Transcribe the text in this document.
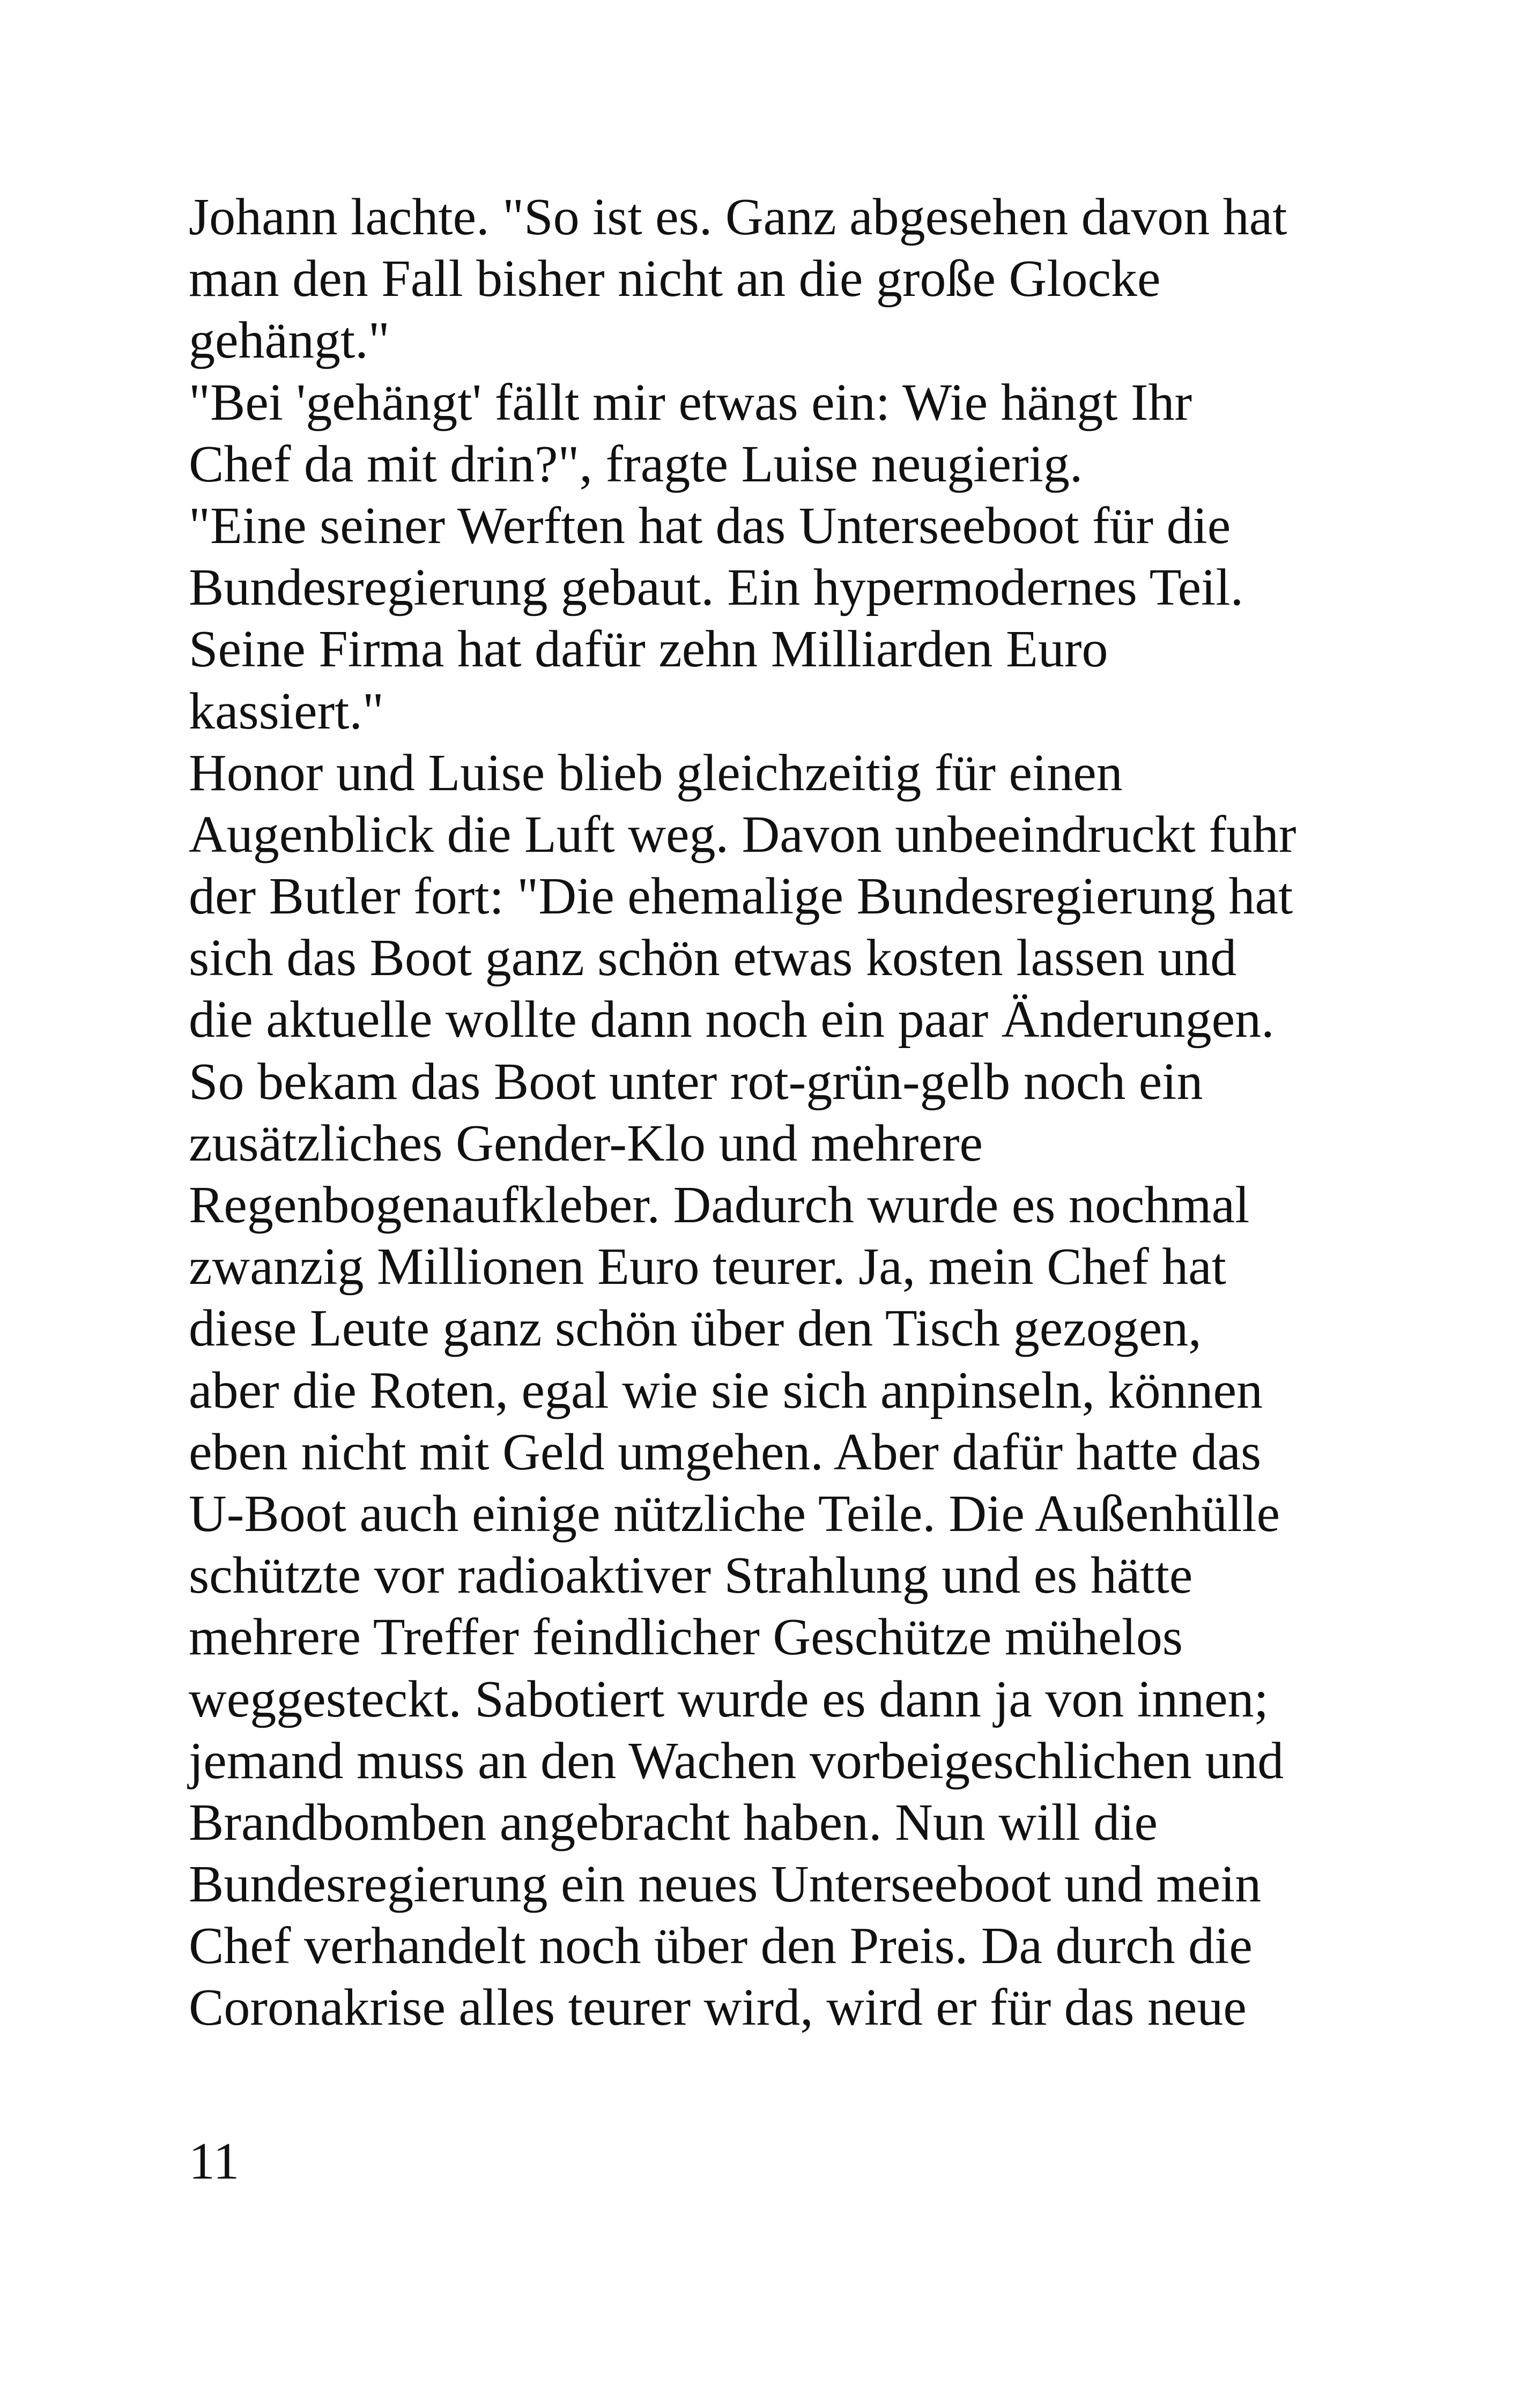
Johann lachte. "So ist es. Ganz abgesehen davon hat
man den Fall bisher nicht an die große Glocke
gehängt."
"Bei 'gehängt' fällt mir etwas ein: Wie hängt Ihr
Chef da mit drin?", fragte Luise neugierig.
"Eine seiner Werften hat das Unterseeboot für die
Bundesregierung gebaut. Ein hypermodernes Teil.
Seine Firma hat dafür zehn Milliarden Euro
kassiert."
Honor und Luise blieb gleichzeitig für einen
Augenblick die Luft weg. Davon unbeeindruckt fuhr
der Butler fort: "Die ehemalige Bundesregierung hat
sich das Boot ganz schön etwas kosten lassen und
die aktuelle wollte dann noch ein paar Änderungen.
So bekam das Boot unter rot-grün-gelb noch ein
zusätzliches Gender-Klo und mehrere
Regenbogenaufkleber. Dadurch wurde es nochmal
zwanzig Millionen Euro teurer. Ja, mein Chef hat
diese Leute ganz schön über den Tisch gezogen,
aber die Roten, egal wie sie sich anpinseln, können
eben nicht mit Geld umgehen. Aber dafür hatte das
U-Boot auch einige nützliche Teile. Die Außenhülle
schützte vor radioaktiver Strahlung und es hätte
mehrere Treffer feindlicher Geschütze mühelos
weggesteckt. Sabotiert wurde es dann ja von innen;
jemand muss an den Wachen vorbeigeschlichen und
Brandbomben angebracht haben. Nun will die
Bundesregierung ein neues Unterseeboot und mein
Chef verhandelt noch über den Preis. Da durch die
Coronakrise alles teurer wird, wird er für das neue
11
